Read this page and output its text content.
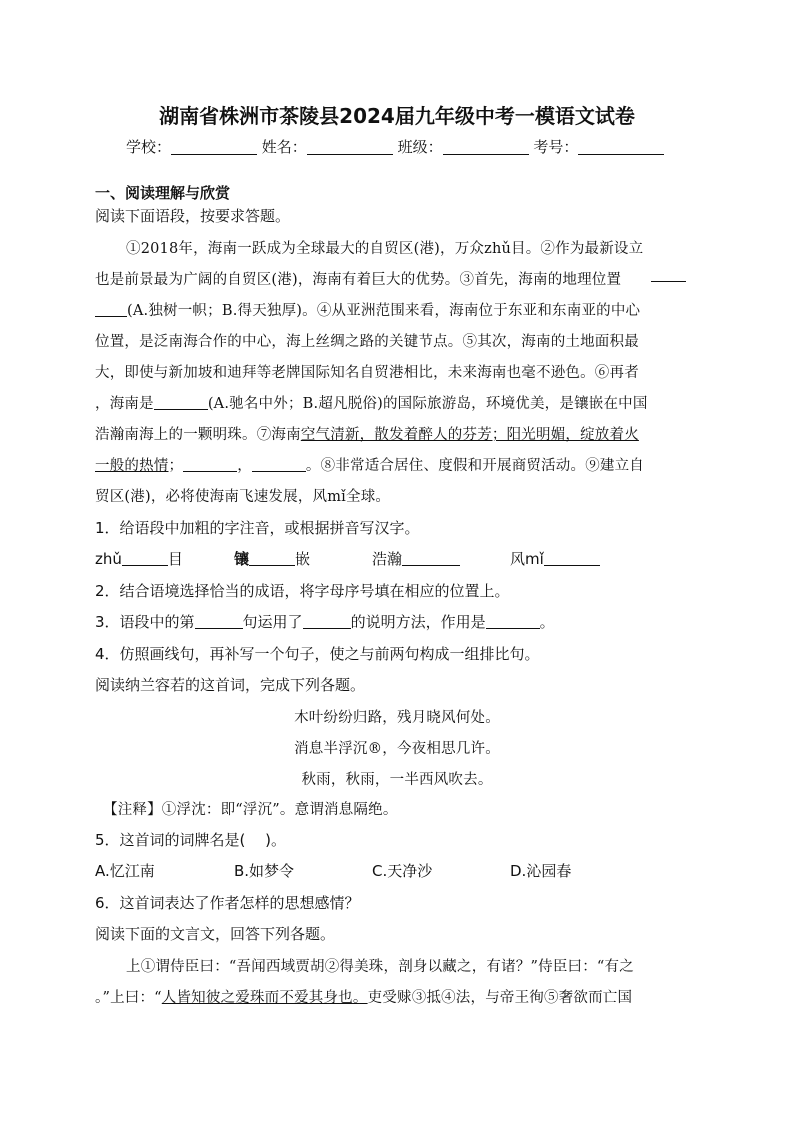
湖南省株洲市茶陵县2024届九年级中考一模语文试卷
学校：	姓名：	班级：	考号：
一、阅读理解与欣赏
阅读下面语段，按要求答题。
①2018年，海南一跃成为全球最大的自贸区(港)，万众zhǔ目。②作为最新设立
也是前景最为广阔的自贸区(港)，海南有着巨大的优势。③首先，海南的地理位置
(A.独树一帜；B.得天独厚)。④从亚洲范围来看，海南位于东亚和东南亚的中心
位置，是泛南海合作的中心，海上丝绸之路的关键节点。⑤其次，海南的土地面积最
大，即使与新加坡和迪拜等老牌国际知名自贸港相比，未来海南也毫不逊色。⑥再者
，海南是	(A.驰名中外；B.超凡脱俗)的国际旅游岛，环境优美，是镶嵌在中国
浩瀚南海上的一颗明珠。⑦海南空气清新，散发着醉人的芬芳；阳光明媚，绽放着火
一般的热情；	，	。⑧非常适合居住、度假和开展商贸活动。⑨建立自
贸区(港)，必将使海南飞速发展，风mǐ全球。
1．给语段中加粗的字注音，或根据拼音写汉字。
zhǔ	目	镶	嵌	浩瀚	风mǐ
2．结合语境选择恰当的成语，将字母序号填在相应的位置上。
3．语段中的第	句运用了	的说明方法，作用是	。
4．仿照画线句，再补写一个句子，使之与前两句构成一组排比句。
阅读纳兰容若的这首词，完成下列各题。
木叶纷纷归路，残月晓风何处。
消息半浮沉®，今夜相思几许。
秋雨，秋雨，一半西风吹去。
【注释】①浮沈：即“浮沉”。意谓消息隔绝。
5．这首词的词牌名是(　 )。
A.忆江南	B.如梦令	C.天净沙	D.沁园春
6．这首词表达了作者怎样的思想感情？
阅读下面的文言文，回答下列各题。
上①谓侍臣曰：“吾闻西域贾胡②得美珠，剖身以藏之，有诸？”侍臣曰：“有之
。”上曰：“人皆知彼之爱珠而不爱其身也。吏受赇③抵④法，与帝王徇⑤奢欲而亡国
